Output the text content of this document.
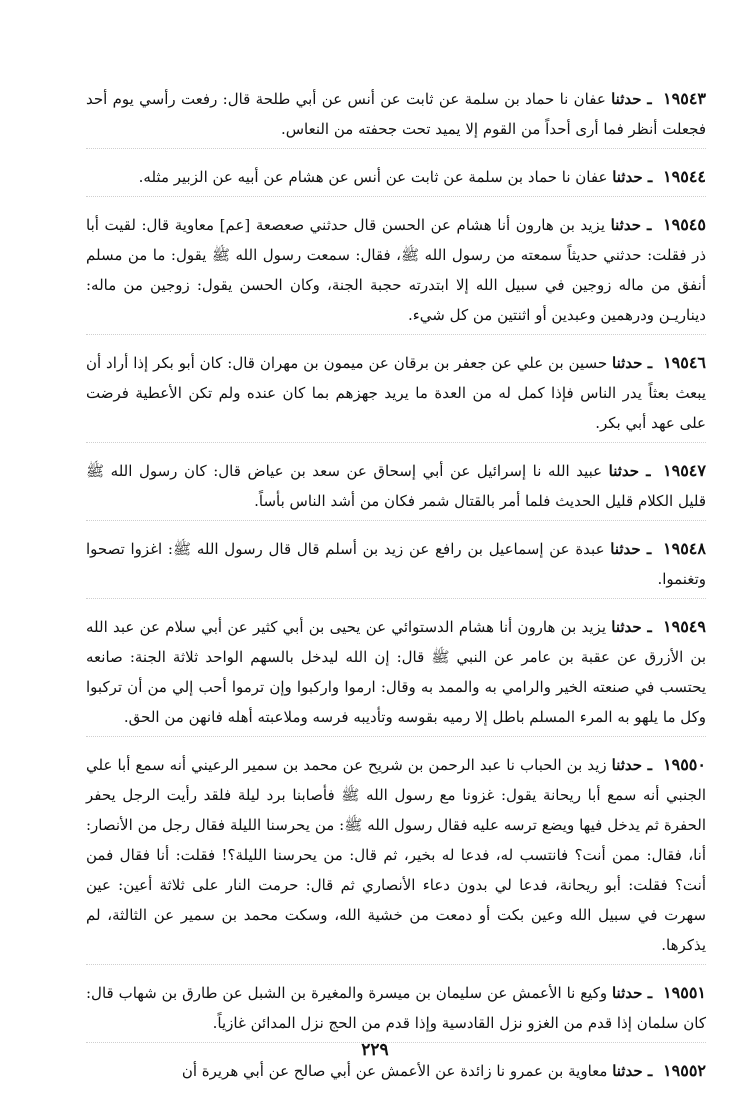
١٩٥٤٣ ـ حدثنا عفان نا حماد بن سلمة عن ثابت عن أنس عن أبي طلحة قال: رفعت رأسي يوم أحد فجعلت أنظر فما أرى أحداً من القوم إلا يميد تحت جحفته من النعاس.

١٩٥٤٤ ـ حدثنا عفان نا حماد بن سلمة عن ثابت عن أنس عن هشام عن أبيه عن الزبير مثله.

١٩٥٤٥ ـ حدثنا يزيد بن هارون أنا هشام عن الحسن قال حدثني صعصعة [عم] معاوية قال: لقيت أبا ذر فقلت: حدثني حديثاً سمعته من رسول الله ﷺ، فقال: سمعت رسول الله ﷺ يقول: ما من مسلم أنفق من ماله زوجين في سبيل الله إلا ابتدرته حجبة الجنة، وكان الحسن يقول: زوجين من ماله: ديناريـن ودرهمين وعبدين أو اثنتين من كل شيء.

١٩٥٤٦ ـ حدثنا حسين بن علي عن جعفر بن برقان عن ميمون بن مهران قال: كان أبو بكر إذا أراد أن يبعث بعثاً يدر الناس فإذا كمل له من العدة ما يريد جهزهم بما كان عنده ولم تكن الأعطية فرضت على عهد أبي بكر.

١٩٥٤٧ ـ حدثنا عبيد الله نا إسرائيل عن أبي إسحاق عن سعد بن عياض قال: كان رسول الله ﷺ قليل الكلام قليل الحديث فلما أمر بالقتال شمر فكان من أشد الناس بأساً.

١٩٥٤٨ ـ حدثنا عبدة عن إسماعيل بن رافع عن زيد بن أسلم قال قال رسول الله ﷺ: اغزوا تصحوا وتغنموا.

١٩٥٤٩ ـ حدثنا يزيد بن هارون أنا هشام الدستوائي عن يحيى بن أبي كثير عن أبي سلام عن عبد الله بن الأزرق عن عقبة بن عامر عن النبي ﷺ قال: إن الله ليدخل بالسهم الواحد ثلاثة الجنة: صانعه يحتسب في صنعته الخير والرامي به والممد به وقال: ارموا واركبوا وإن ترموا أحب إلي من أن تركبوا وكل ما يلهو به المرء المسلم باطل إلا رميه بقوسه وتأديبه فرسه وملاعبته أهله فانهن من الحق.

١٩٥٥٠ ـ حدثنا زيد بن الحباب نا عبد الرحمن بن شريح عن محمد بن سمير الرعيني أنه سمع أبا علي الجنبي أنه سمع أبا ريحانة يقول: غزونا مع رسول الله ﷺ فأصابنا برد ليلة فلقد رأيت الرجل يحفر الحفرة ثم يدخل فيها ويضع ترسه عليه فقال رسول الله ﷺ: من يحرسنا الليلة فقال رجل من الأنصار: أنا، فقال: ممن أنت؟ فانتسب له، فدعا له بخير، ثم قال: من يحرسنا الليلة؟! فقلت: أنا فقال فمن أنت؟ فقلت: أبو ريحانة، فدعا لي بدون دعاء الأنصاري ثم قال: حرمت النار على ثلاثة أعين: عين سهرت في سبيل الله وعين بكت أو دمعت من خشية الله، وسكت محمد بن سمير عن الثالثة، لم يذكرها.

١٩٥٥١ ـ حدثنا وكيع نا الأعمش عن سليمان بن ميسرة والمغيرة بن الشبل عن طارق بن شهاب قال: كان سلمان إذا قدم من الغزو نزل القادسية وإذا قدم من الحج نزل المدائن غازياً.

١٩٥٥٢ ـ حدثنا معاوية بن عمرو نا زائدة عن الأعمش عن أبي صالح عن أبي هريرة أن

٢٢٩
